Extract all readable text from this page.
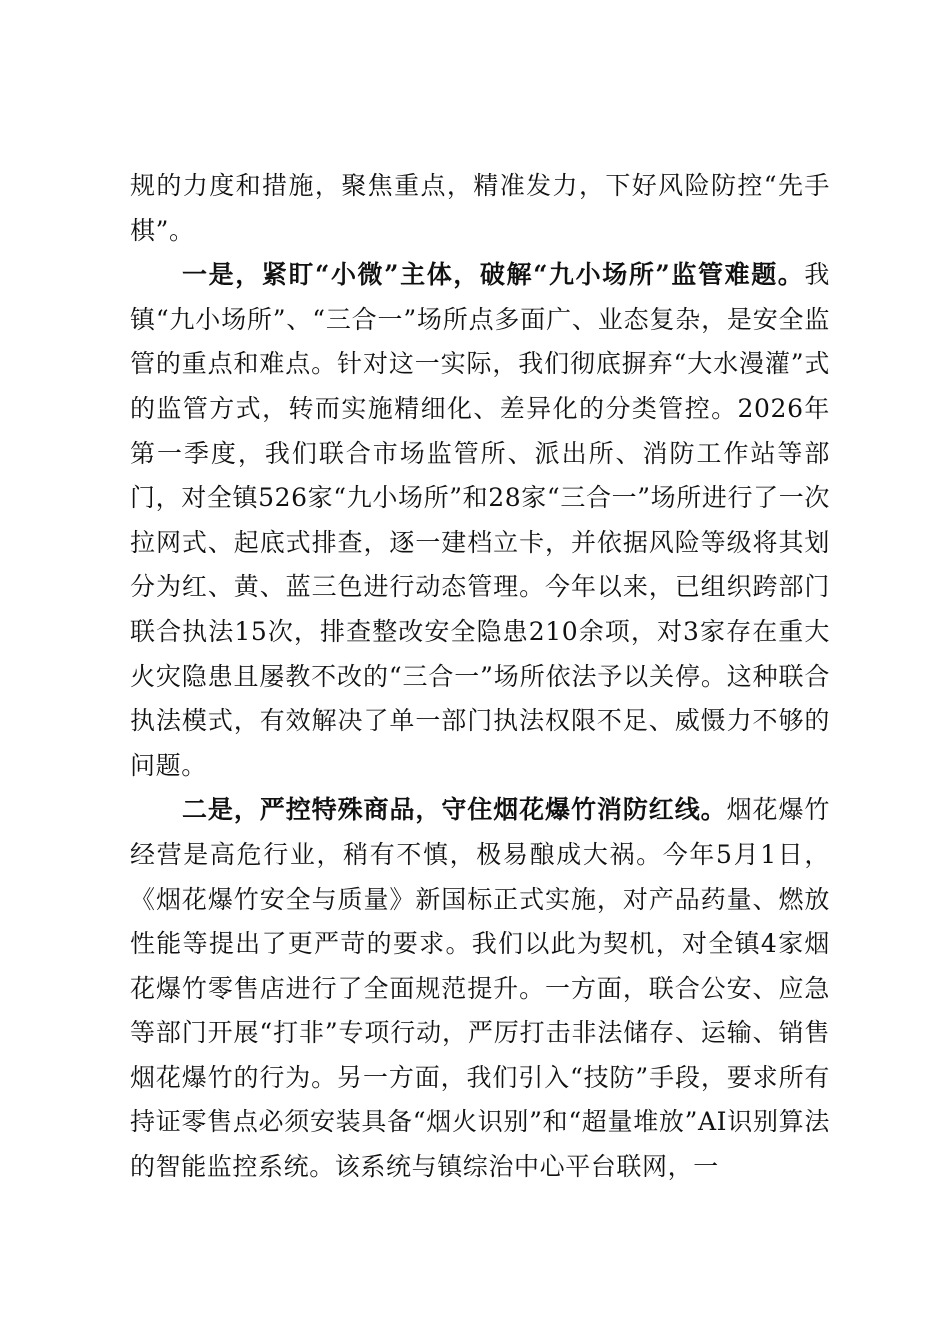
规的力度和措施，聚焦重点，精准发力，下好风险防控“先手棋”。

一是，紧盯“小微”主体，破解“九小场所”监管难题。我镇“九小场所”、“三合一”场所点多面广、业态复杂，是安全监管的重点和难点。针对这一实际，我们彻底摒弃“大水漫灌”式的监管方式，转而实施精细化、差异化的分类管控。2026年第一季度，我们联合市场监管所、派出所、消防工作站等部门，对全镇526家“九小场所”和28家“三合一”场所进行了一次拉网式、起底式排查，逐一建档立卡，并依据风险等级将其划分为红、黄、蓝三色进行动态管理。今年以来，已组织跨部门联合执法15次，排查整改安全隐患210余项，对3家存在重大火灾隐患且屡教不改的“三合一”场所依法予以关停。这种联合执法模式，有效解决了单一部门执法权限不足、威慑力不够的问题。

二是，严控特殊商品，守住烟花爆竹消防红线。烟花爆竹经营是高危行业，稍有不慎，极易酿成大祸。今年5月1日，《烟花爆竹安全与质量》新国标正式实施，对产品药量、燃放性能等提出了更严苛的要求。我们以此为契机，对全镇4家烟花爆竹零售店进行了全面规范提升。一方面，联合公安、应急等部门开展“打非”专项行动，严厉打击非法储存、运输、销售烟花爆竹的行为。另一方面，我们引入“技防”手段，要求所有持证零售点必须安装具备“烟火识别”和“超量堆放”AI识别算法的智能监控系统。该系统与镇综治中心平台联网，一
